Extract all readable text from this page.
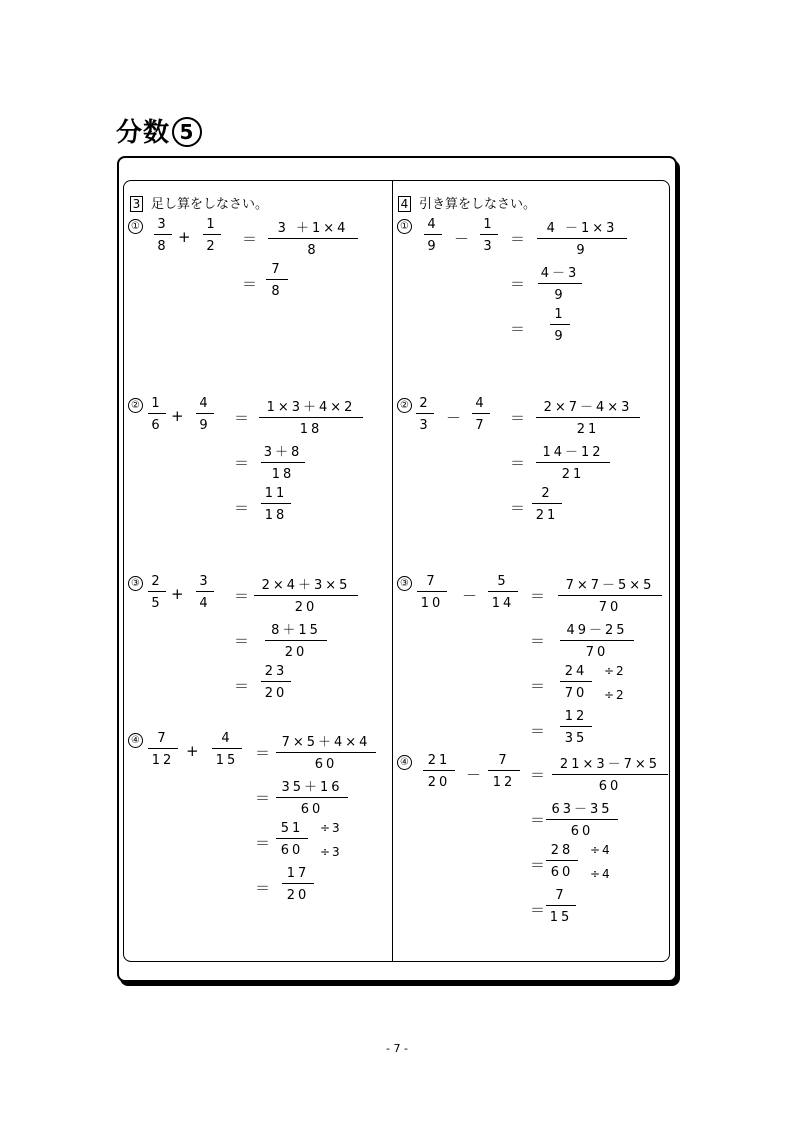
分数 5
3 足し算をしなさい。
① $\frac{3}{8} + \frac{1}{2} = \frac{3 +1\times 4}{8}$
＝ $\frac{7}{8}$
② $\frac{1}{6} + \frac{4}{9} = \frac{1\times 3+4\times 2}{18}$
＝ $\frac{3+8}{18}$
＝ $\frac{11}{18}$
③ $\frac{2}{5} + \frac{3}{4} = \frac{2\times 4+3\times 5}{20}$
＝ $\frac{8+15}{20}$
＝ $\frac{23}{20}$
④ $\frac{7}{12} + \frac{4}{15} = \frac{7\times 5+4\times 4}{60}$
＝ $\frac{35+16}{60}$
＝ $\frac{51}{60} \div 3$
÷3
＝ $\frac{17}{20}$
4 引き算をしなさい。
① $\frac{4}{9} - \frac{1}{3} = \frac{4 -1\times 3}{9}$
＝ $\frac{4-3}{9}$
＝ $\frac{1}{9}$
② $\frac{2}{3} - \frac{4}{7} = \frac{2\times 7-4\times 3}{21}$
＝ $\frac{14-12}{21}$
＝ $\frac{2}{21}$
③ $\frac{7}{10} - \frac{5}{14} = \frac{7\times 7-5\times 5}{70}$
＝ $\frac{49-25}{70}$
＝ $\frac{24}{70} \div 2$
÷2
＝ $\frac{12}{35}$
④ $\frac{21}{20} - \frac{7}{12} = \frac{21\times 3-7\times 5}{60}$
＝ $\frac{63-35}{60}$
＝ $\frac{28}{60} \div 4$
÷4
＝ $\frac{7}{15}$
- 7 -
